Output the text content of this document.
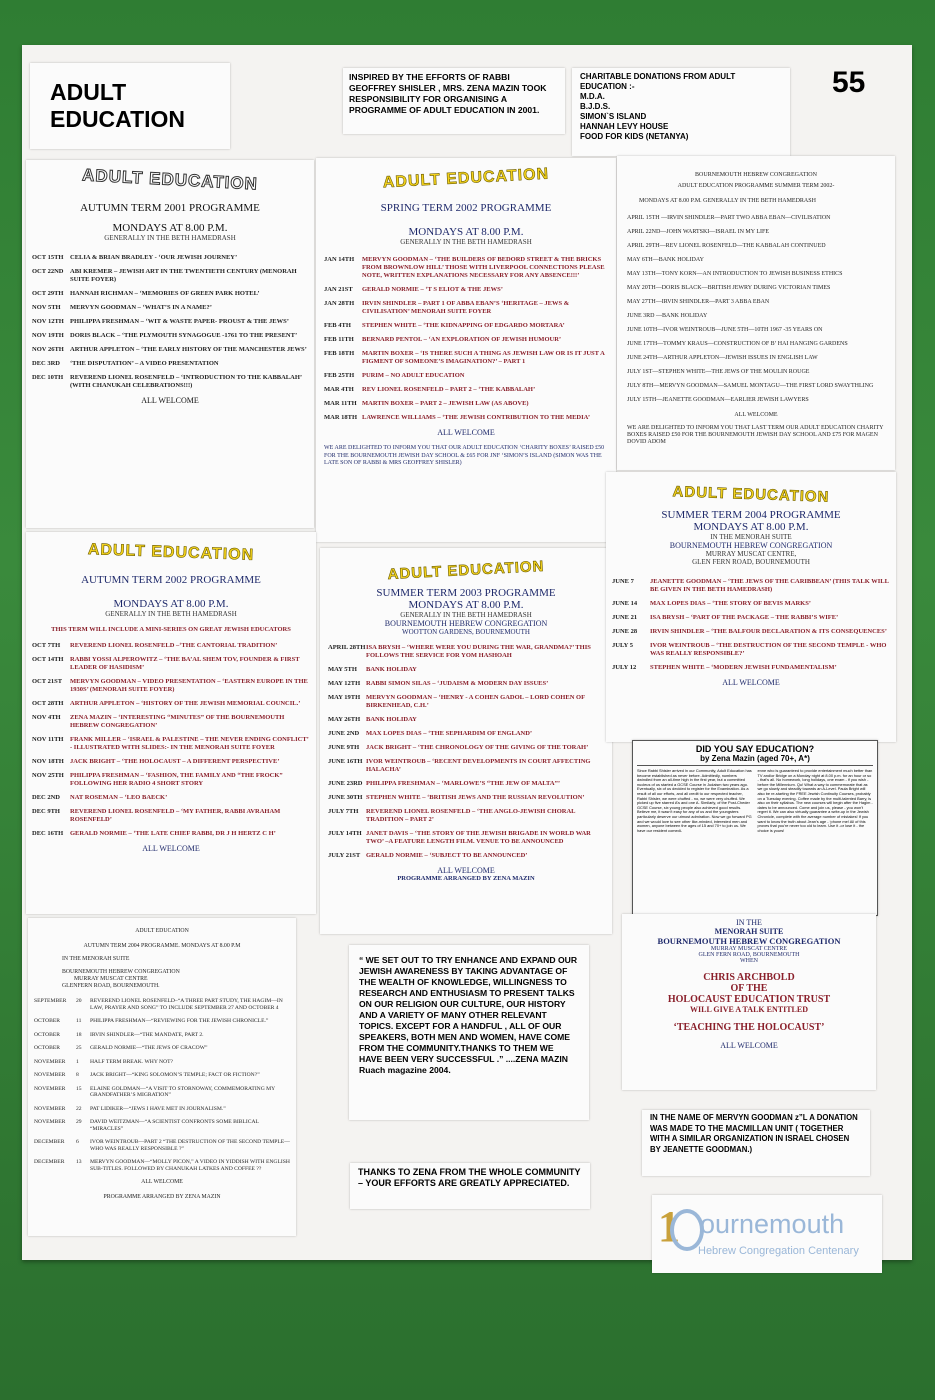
ADULT
EDUCATION
INSPIRED BY THE EFFORTS OF RABBI GEOFFREY SHISLER , MRS. ZENA MAZIN TOOK RESPONSIBILITY FOR ORGANISING A PROGRAMME OF ADULT EDUCATION IN 2001.
CHARITABLE DONATIONS FROM ADULT EDUCATION :-
M.D.A.
B.J.D.S.
SIMON`S ISLAND
HANNAH LEVY HOUSE
FOOD FOR KIDS (NETANYA)
55
ADULT EDUCATION
AUTUMN TERM 2001 PROGRAMME
MONDAYS AT 8.00 P.M.
GENERALLY IN THE BETH HAMEDRASH
OCT 15TH	CELIA & BRIAN BRADLEY - ‘OUR JEWISH JOURNEY’
OCT 22ND	ABI KREMER – JEWISH ART IN THE TWENTIETH CENTURY (MENORAH SUITE FOYER)
OCT 29TH	HANNAH RICHMAN – ‘MEMORIES OF GREEN PARK HOTEL’
NOV 5TH	MERVYN GOODMAN – ‘WHAT’S IN A NAME?’
NOV 12TH PHILIPPA FRESHMAN – ‘WIT & WASTE PAPER- PROUST & THE JEWS’
NOV 19TH DORIS BLACK – ‘THE PLYMOUTH SYNAGOGUE -1761 TO THE PRESENT’
NOV 26TH ARTHUR APPLETON – ‘THE EARLY HISTORY OF THE MANCHESTER JEWS’
DEC 3RD	‘THE DISPUTATION’ – A VIDEO PRESENTATION
DEC 10TH	REVEREND LIONEL ROSENFELD – ‘INTRODUCTION TO THE KABBALAH’ (WITH CHANUKAH CELEBRATIONS!!!)
ALL WELCOME
ADULT EDUCATION
SPRING TERM 2002 PROGRAMME
MONDAYS AT 8.00 P.M.
GENERALLY IN THE BETH HAMEDRASH
JAN 14TH	MERVYN GOODMAN – ‘THE BUILDERS OF BEDORD STREET & THE BRICKS FROM BROWNLOW HILL’ THOSE WITH LIVERPOOL CONNECTIONS PLEASE NOTE, WRITTEN EXPLANATIONS NECESSARY FOR ANY ABSENCE!!!’
JAN 21ST	GERALD NORMIE – ‘T S ELIOT & THE JEWS’
JAN 28TH	IRVIN SHINDLER – PART 1 OF ABBA EBAN’S ‘HERITAGE – JEWS & CIVILISATION’ MENORAH SUITE FOYER
FEB 4TH	STEPHEN WHITE – ‘THE KIDNAPPING OF EDGARDO MORTARA’
FEB 11TH	BERNARD PENTOL – ‘AN EXPLORATION OF JEWISH HUMOUR’
FEB 18TH	MARTIN BOXER – ‘IS THERE SUCH A THING AS JEWISH LAW OR IS IT JUST A FIGMENT OF SOMEONE’S IMAGINATION?’ – PART 1
FEB 25TH	PURIM – NO ADULT EDUCATION
MAR 4TH	REV LIONEL ROSENFELD – PART 2 – ‘THE KABBALAH’
MAR 11TH MARTIN BOXER – PART 2 – JEWISH LAW (AS ABOVE)
MAR 18TH LAWRENCE WILLIAMS – ‘THE JEWISH CONTRIBUTION TO THE MEDIA’
ALL WELCOME
WE ARE DELIGHTED TO INFORM YOU THAT OUR ADULT EDUCATION ‘CHARITY BOXES’ RAISED £50 FOR THE BOURNEMOUTH JEWISH DAY SCHOOL & £65 FOR JNF ‘SIMON’S ISLAND (SIMON WAS THE LATE SON OF RABBI & MRS GEOFFREY SHISLER)
BOURNEMOUTH HEBREW CONGREGATION
ADULT EDUCATION PROGRAMME SUMMER TERM 2002-
MONDAYS AT 8.00 P.M. GENERALLY IN THE BETH HAMEDRASH
APRIL 15TH —IRVIN SHINDLER—PART TWO ABBA EBAN—CIVILISATION
APRIL 22ND—JOHN WARTSKI—ISRAEL IN MY LIFE
APRIL 29TH—REV LIONEL ROSENFELD—THE KABBALAH CONTINUED
MAY 6TH—BANK HOLIDAY
MAY 13TH—TONY KORN—AN INTRODUCTION TO JEWISH BUSINESS ETHICS
MAY 20TH—DORIS BLACK—BRITISH JEWRY DURING VICTORIAN TIMES
MAY 27TH—IRVIN SHINDLER—PART 3 ABBA EBAN
JUNE 3RD —BANK HOLIDAY
JUNE 10TH—IVOR WEINTROUB—JUNE 5TH—10TH 1967 -35 YEARS ON
JUNE 17TH—TOMMY KRAUS—CONSTRUCTION OF B’ HAI HANGING GARDENS
JUNE 24TH—ARTHUR APPLETON—JEWISH ISSUES IN ENGLISH LAW
JULY 1ST—STEPHEN WHITE—THE JEWS OF THE MOULIN ROUGE
JULY 8TH—MERVYN GOODMAN—SAMUEL MONTAGU—THE FIRST LORD SWAYTHLING
JULY 15TH—JEANETTE GOODMAN—EARLIER JEWISH LAWYERS
ALL WELCOME
WE ARE DELIGHTED TO INFORM YOU THAT LAST TERM OUR ADULT EDUCATION CHARITY BOXES RAISED £50 FOR THE BOURNEMOUTH JEWISH DAY SCHOOL AND £75 FOR MAGEN DOVID ADOM
ADULT EDUCATION
AUTUMN TERM 2002 PROGRAMME
MONDAYS AT 8.00 P.M.
GENERALLY IN THE BETH HAMEDRASH
THIS TERM WILL INCLUDE A MINI-SERIES ON GREAT JEWISH EDUCATORS
OCT 7TH	REVEREND LIONEL ROSENFELD –‘THE CANTORIAL TRADITION’
OCT 14TH	RABBI YOSSI ALPEROWITZ – ‘THE BA’AL SHEM TOV, FOUNDER & FIRST LEADER OF HASIDISM’
OCT 21ST	MERVYN GOODMAN – VIDEO PRESENTATION – ‘EASTERN EUROPE IN THE 1930S’ (MENORAH SUITE FOYER)
OCT 28TH	ARTHUR APPLETON – ‘HISTORY OF THE JEWISH MEMORIAL COUNCIL.’
NOV 4TH	ZENA MAZIN – ‘INTERESTING “MINUTES” OF THE BOURNEMOUTH HEBREW CONGREGATION’
NOV 11TH	FRANK MILLER – ‘ISRAEL & PALESTINE – THE NEVER ENDING CONFLICT’ - ILLUSTRATED WITH SLIDES:- IN THE MENORAH SUITE FOYER
NOV 18TH JACK BRIGHT – ‘THE HOLOCAUST – A DIFFERENT PERSPECTIVE’
NOV 25TH PHILIPPA FRESHMAN – ‘FASHION, THE FAMILY AND “THE FROCK” FOLLOWING HER RADIO 4 SHORT STORY
DEC 2ND	NAT ROSEMAN – ‘LEO BAECK’
DEC 9TH	REVEREND LIONEL ROSENFELD – ‘MY FATHER, RABBI AVRAHAM ROSENFELD’
DEC 16TH	GERALD NORMIE – ‘THE LATE CHIEF RABBI, DR J H HERTZ C H’
ALL WELCOME
ADULT EDUCATION
SUMMER TERM 2003 PROGRAMME
MONDAYS AT 8.00 P.M.
GENERALLY IN THE BETH HAMEDRASH
BOURNEMOUTH HEBREW CONGREGATION
WOOTTON GARDENS, BOURNEMOUTH
APRIL 28TH ISA BRYSH – ‘WHERE WERE YOU DURING THE WAR, GRANDMA?’ THIS FOLLOWS THE SERVICE FOR YOM HASHOAH
MAY 5TH	BANK HOLIDAY
MAY 12TH RABBI SIMON SILAS – ‘JUDAISM & MODERN DAY ISSUES’
MAY 19TH MERVYN GOODMAN – ‘HENRY - A COHEN GADOL – LORD COHEN OF BIRKENHEAD, C.H.’
MAY 26TH BANK HOLIDAY
JUNE 2ND	MAX LOPES DIAS – ‘THE SEPHARDIM OF ENGLAND’
JUNE 9TH	JACK BRIGHT – ‘THE CHRONOLOGY OF THE GIVING OF THE TORAH’
JUNE 16TH IVOR WEINTROUB – ‘RECENT DEVELOPMENTS IN COURT AFFECTING HALACHA’
JUNE 23RD PHILIPPA FRESHMAN – ‘MARLOWE’S “THE JEW OF MALTA”’
JUNE 30TH STEPHEN WHITE – ‘BRITISH JEWS AND THE RUSSIAN REVOLUTION’
JULY 7TH	REVEREND LIONEL ROSENFELD – ‘THE ANGLO-JEWISH CHORAL TRADITION – PART 2’
JULY 14TH JANET DAVIS – ‘THE STORY OF THE JEWISH BRIGADE IN WORLD WAR TWO’ –A FEATURE LENGTH FILM. VENUE TO BE ANNOUNCED
JULY 21ST GERALD NORMIE – ‘SUBJECT TO BE ANNOUNCED’
ALL WELCOME
PROGRAMME ARRANGED BY ZENA MAZIN
ADULT EDUCATION
SUMMER TERM 2004 PROGRAMME
MONDAYS AT 8.00 P.M.
IN THE MENORAH SUITE
BOURNEMOUTH HEBREW CONGREGATION
MURRAY MUSCAT CENTRE,
GLEN FERN ROAD, BOURNEMOUTH
JUNE 7	JEANETTE GOODMAN – ‘THE JEWS OF THE CARIBBEAN’ (THIS TALK WILL BE GIVEN IN THE BETH HAMEDRASH)
JUNE 14	MAX LOPES DIAS – ‘THE STORY OF BEVIS MARKS’
JUNE 21	ISA BRYSH – ‘PART OF THE PACKAGE – THE RABBI’S WIFE’
JUNE 28	IRVIN SHINDLER – ‘THE BALFOUR DECLARATION & ITS CONSEQUENCES’
JULY 5	IVOR WEINTROUB – ‘THE DESTRUCTION OF THE SECOND TEMPLE - WHO WAS REALLY RESPONSIBLE?’
JULY 12	STEPHEN WHITE – ‘MODERN JEWISH FUNDAMENTALISM’
ALL WELCOME
DID YOU SAY EDUCATION?
by Zena Mazin (aged 70+, A*)
Since Rabbi Shisler arrived in our Community, Adult Education has become established as never before. Admittedly, numbers dwindled from an all-time high in the first year, but a committed nucleus of us started a GCSE Course in Judaism two years ago. Eventually, six of us decided to register for the Examination. As a result of all our efforts, and all credit to our respected teacher, Rabbi Shisler, we were chuffed - no, we were very chuffed. We picked up five starred A’s and one A. Similarly, of the Post-Cheder GCSE Course, six young people also achieved good results. Believe me, it wasn’t easy for any of us and the youngsters particularly deserve our utmost admiration. Now we go forward PG and we would love to see other like-minded, interested men and women, anyone between the ages of 15 and 70+ to join us. We have our resident comedi-
enne who is guaranteed to provide entertainment much better than TV and/or Bridge on a Monday night at 8.00 p.m. for an hour or so - that’s all. No homework, long holidays, one exam - if you wish - before the Millennium. Qu! What a way to commemorate that as we go slowly and steadily towards an A-Level. Paula Bright will also be re-starting the FREE Jewish Continuity Courses, probably on a Tuesday evening. Coffee made by the multi-talented Barry, is also on their syllabus. The new courses will begin after the Hagim - dates to be announced. Come and join us, please - you won’t regret it. We can also virtually guarantee a write-up in the Jewish Chronicle, complete with the average number of mistakes! If you want to know the truth about Jean’s age - ‘phone me! All of this proves that you’re never too old to learn. Use it -or lose it - the choice is yours!
IN THE
MENORAH SUITE
BOURNEMOUTH HEBREW CONGREGATION
MURRAY MUSCAT CENTRE
GLEN FERN ROAD, BOURNEMOUTH
WHEN
CHRIS ARCHBOLD
OF THE
HOLOCAUST EDUCATION TRUST
WILL GIVE A TALK ENTITLED
‘TEACHING THE HOLOCAUST’
ALL WELCOME
ADULT EDUCATION
AUTUMN TERM 2004 PROGRAMME. MONDAYS AT 8.00 P.M
IN THE MENORAH SUITE
BOURNEMOUTH HEBREW CONGREGATION
MURRAY MUSCAT CENTRE
GLENFERN ROAD, BOURNEMOUTH.
SEPTEMBER	20	REVEREND LIONEL ROSENFELD–“A THREE PART STUDY, THE HAGIM—IN LAW, PRAYER AND SONG” TO INCLUDE SEPTEMBER 27 AND OCTOBER 4
OCTOBER	11	PHILIPPA FRESHMAN—“REVIEWING FOR THE JEWISH CHRONICLE.”
OCTOBER	18	IRVIN SHINDLER—“THE MANDATE, PART 2.
OCTOBER	25	GERALD NORMIE—“THE JEWS OF CRACOW”
NOVEMBER	1	HALF TERM BREAK. WHY NOT?
NOVEMBER	8	JACK BRIGHT—“KING SOLOMON’S TEMPLE; FACT OR FICTION?”
NOVEMBER	15	ELAINE GOLDMAN—“A VISIT TO STORNOWAY, COMMEMORATING MY GRANDFATHER’S MIGRATION”
NOVEMBER	22	PAT LIDIKER—“JEWS I HAVE MET IN JOURNALISM.”
NOVEMBER	29	DAVID WEITZMAN—“A SCIENTIST CONFRONTS SOME BIBLICAL “MIRACLES”
DECEMBER	6	IVOR WEINTROUB—PART 2 “THE DESTRUCTION OF THE SECOND TEMPLE—WHO WAS REALLY RESPONSIBLE ?”
DECEMBER	13	MERVYN GOODMAN—“MOLLY PICON,” A VIDEO IN YIDDISH WITH ENGLISH SUB-TITLES. FOLLOWED BY CHANUKAH LATKES AND COFFEE ??
ALL WELCOME
PROGRAMME ARRANGED BY ZENA MAZIN
“ WE SET OUT TO TRY ENHANCE AND EXPAND OUR JEWISH AWARENESS BY TAKING ADVANTAGE OF THE WEALTH OF KNOWLEDGE, WILLINGNESS TO RESEARCH AND ENTHUSIASM TO PRESENT TALKS ON OUR RELIGION OUR CULTURE, OUR HISTORY AND A VARIETY OF MANY OTHER RELEVANT TOPICS. EXCEPT FOR A HANDFUL , ALL OF OUR SPEAKERS, BOTH MEN AND WOMEN, HAVE COME FROM THE COMMUNITY.THANKS TO THEM WE HAVE BEEN VERY SUCCESSFUL .” ....ZENA MAZIN Ruach magazine 2004.
THANKS TO ZENA FROM THE WHOLE COMMUNITY – YOUR EFFORTS ARE GREATLY APPRECIATED.
IN THE NAME OF MERVYN GOODMAN z”L A DONATION WAS MADE TO THE MACMILLAN UNIT ( TOGETHER WITH A SIMILAR ORGANIZATION IN ISRAEL CHOSEN BY JEANETTE GOODMAN.)
1 ournemouth
Hebrew Congregation Centenary
